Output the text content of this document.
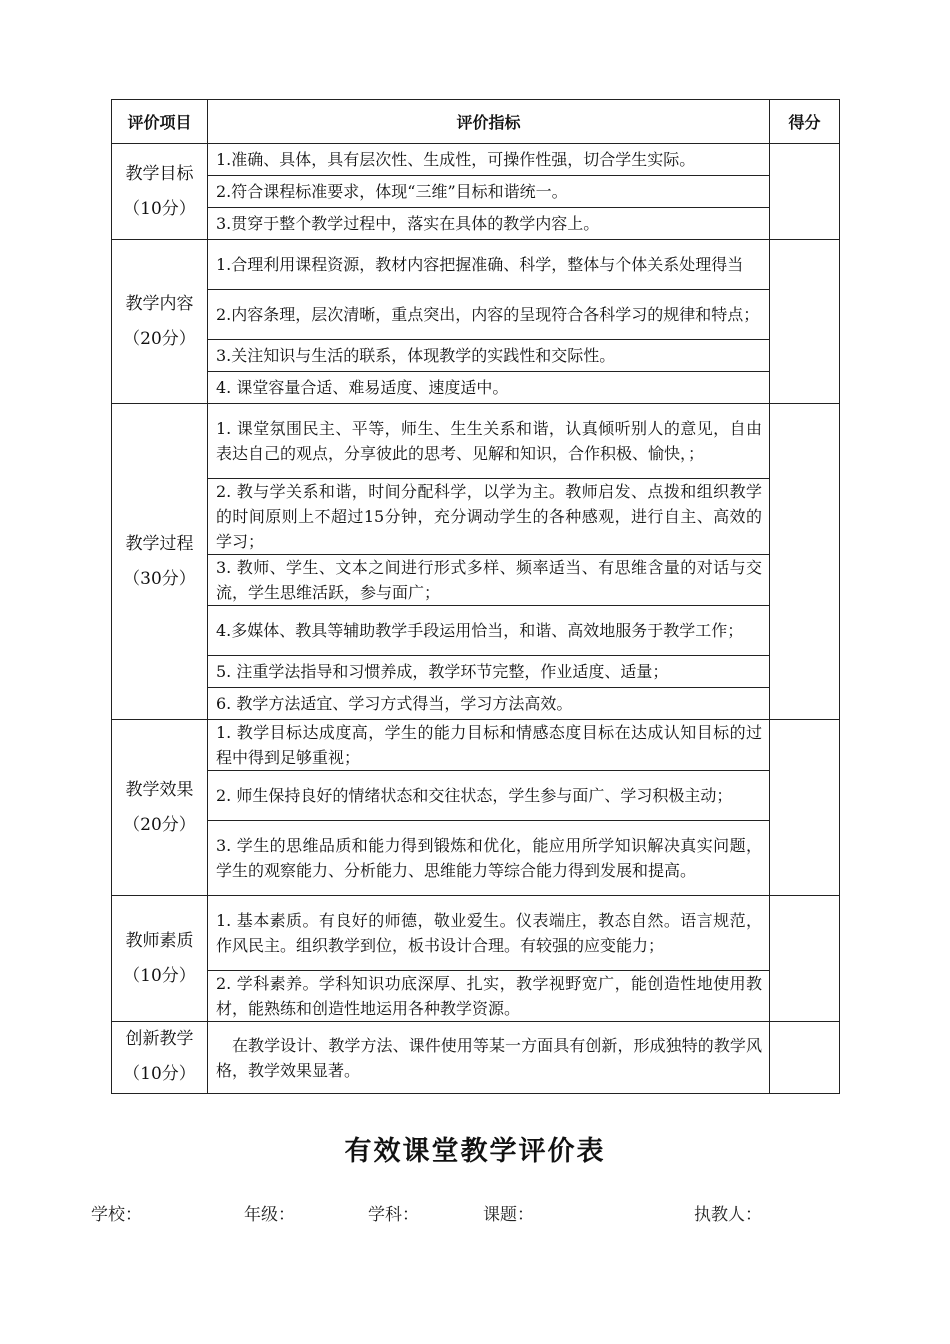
评价项目	评价指标	得分

教学目标
（10分）	1.准确、具体，具有层次性、生成性，可操作性强，切合学生实际。	
	2.符合课程标准要求，体现“三维”目标和谐统一。	
	3.贯穿于整个教学过程中，落实在具体的教学内容上。	

教学内容
（20分）	1.合理利用课程资源，教材内容把握准确、科学，整体与个体关系处理得当	
	2.内容条理，层次清晰，重点突出，内容的呈现符合各科学习的规律和特点；	
	3.关注知识与生活的联系，体现教学的实践性和交际性。	
	4. 课堂容量合适、难易适度、速度适中。	

教学过程
（30分）	1. 课堂氛围民主、平等，师生、生生关系和谐，认真倾听别人的意见，自由表达自己的观点，分享彼此的思考、见解和知识，合作积极、愉快，；	
	2. 教与学关系和谐，时间分配科学，以学为主。教师启发、点拨和组织教学的时间原则上不超过15分钟，充分调动学生的各种感观，进行自主、高效的学习；	
	3. 教师、学生、文本之间进行形式多样、频率适当、有思维含量的对话与交流，学生思维活跃，参与面广；	
	4.多媒体、教具等辅助教学手段运用恰当，和谐、高效地服务于教学工作；	
	5. 注重学法指导和习惯养成，教学环节完整，作业适度、适量；	
	6. 教学方法适宜、学习方式得当，学习方法高效。	

教学效果
（20分）	1. 教学目标达成度高，学生的能力目标和情感态度目标在达成认知目标的过程中得到足够重视；	
	2. 师生保持良好的情绪状态和交往状态，学生参与面广、学习积极主动；	
	3. 学生的思维品质和能力得到锻炼和优化，能应用所学知识解决真实问题，学生的观察能力、分析能力、思维能力等综合能力得到发展和提高。	

教师素质
（10分）	1. 基本素质。有良好的师德，敬业爱生。仪表端庄，教态自然。语言规范，作风民主。组织教学到位，板书设计合理。有较强的应变能力；	
	2. 学科素养。学科知识功底深厚、扎实，教学视野宽广，能创造性地使用教材，能熟练和创造性地运用各种教学资源。	

创新教学
（10分）	在教学设计、教学方法、课件使用等某一方面具有创新，形成独特的教学风格，教学效果显著。	
有效课堂教学评价表
学校：	年级：	学科：	课题：	执教人：
